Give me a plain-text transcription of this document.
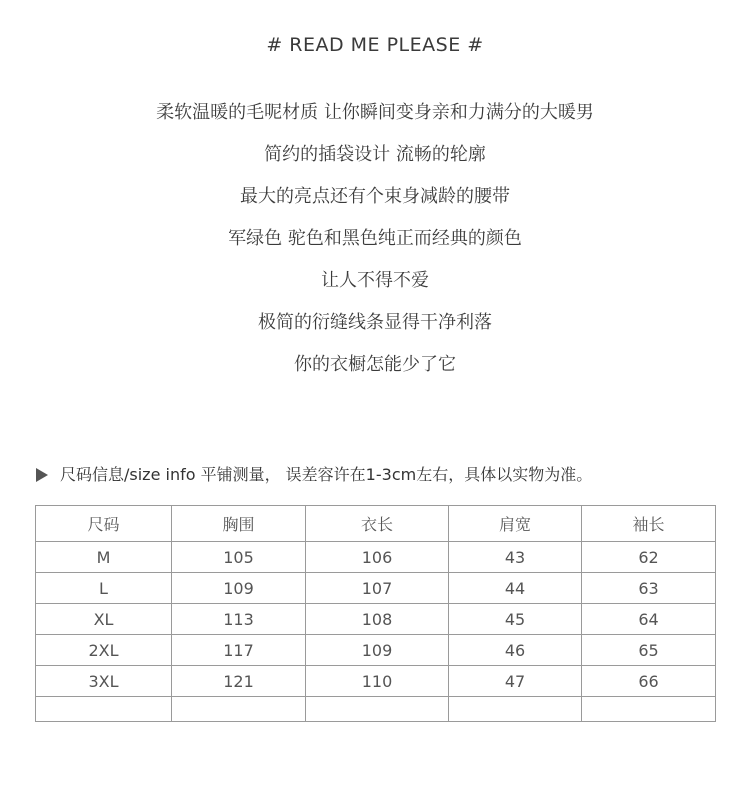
# READ ME PLEASE #
柔软温暖的毛呢材质 让你瞬间变身亲和力满分的大暖男
简约的插袋设计 流畅的轮廓
最大的亮点还有个束身减龄的腰带
军绿色 驼色和黑色纯正而经典的颜色
让人不得不爱
极简的衍缝线条显得干净利落
你的衣橱怎能少了它
尺码信息/size info 平铺测量， 误差容许在1-3cm左右，具体以实物为准。
尺码	胸围	衣长	肩宽	袖长
M	105	106	43	62
L	109	107	44	63
XL	113	108	45	64
2XL	117	109	46	65
3XL	121	110	47	66
